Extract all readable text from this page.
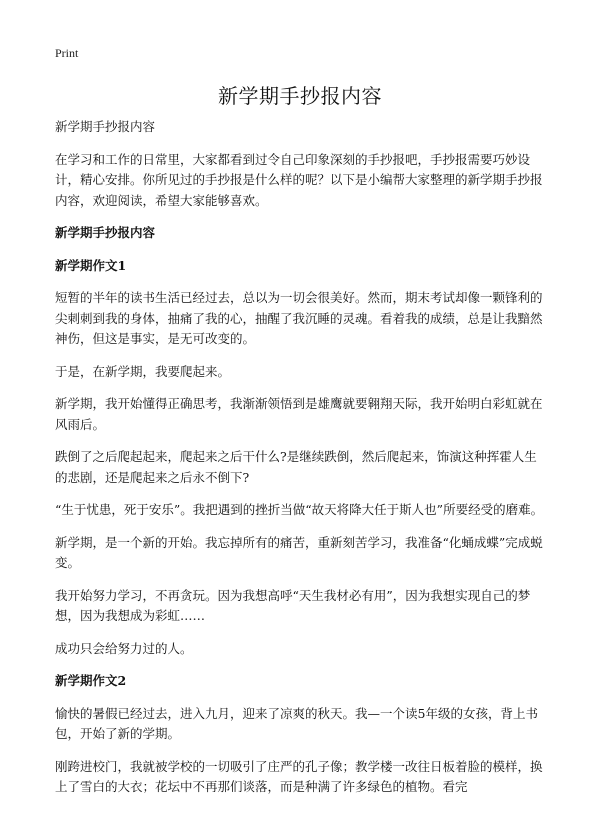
Print
新学期手抄报内容

新学期手抄报内容

在学习和工作的日常里，大家都看到过令自己印象深刻的手抄报吧，手抄报需要巧妙设计，精心安排。你所见过的手抄报是什么样的呢？以下是小编帮大家整理的新学期手抄报内容，欢迎阅读，希望大家能够喜欢。

新学期手抄报内容
新学期作文1

短暂的半年的读书生活已经过去，总以为一切会很美好。然而，期末考试却像一颗锋利的尖刺刺到我的身体，抽痛了我的心，抽醒了我沉睡的灵魂。看着我的成绩，总是让我黯然神伤，但这是事实，是无可改变的。

于是，在新学期，我要爬起来。

新学期，我开始懂得正确思考，我渐渐领悟到是雄鹰就要翱翔天际，我开始明白彩虹就在风雨后。

跌倒了之后爬起起来，爬起来之后干什么?是继续跌倒，然后爬起来，饰演这种挥霍人生的悲剧，还是爬起来之后永不倒下?

“生于忧患，死于安乐”。我把遇到的挫折当做“故天将降大任于斯人也”所要经受的磨难。

新学期，是一个新的开始。我忘掉所有的痛苦，重新刻苦学习，我准备“化蛹成蝶”完成蜕变。

我开始努力学习，不再贪玩。因为我想高呼“天生我材必有用”，因为我想实现自己的梦想，因为我想成为彩虹……

成功只会给努力过的人。

新学期作文2

愉快的暑假已经过去，进入九月，迎来了凉爽的秋天。我—一个读5年级的女孩，背上书包，开始了新的学期。

刚跨进校门，我就被学校的一切吸引了庄严的孔子像；教学楼一改往日板着脸的模样，换上了雪白的大衣；花坛中不再那们谈落，而是种满了许多绿色的植物。看完
